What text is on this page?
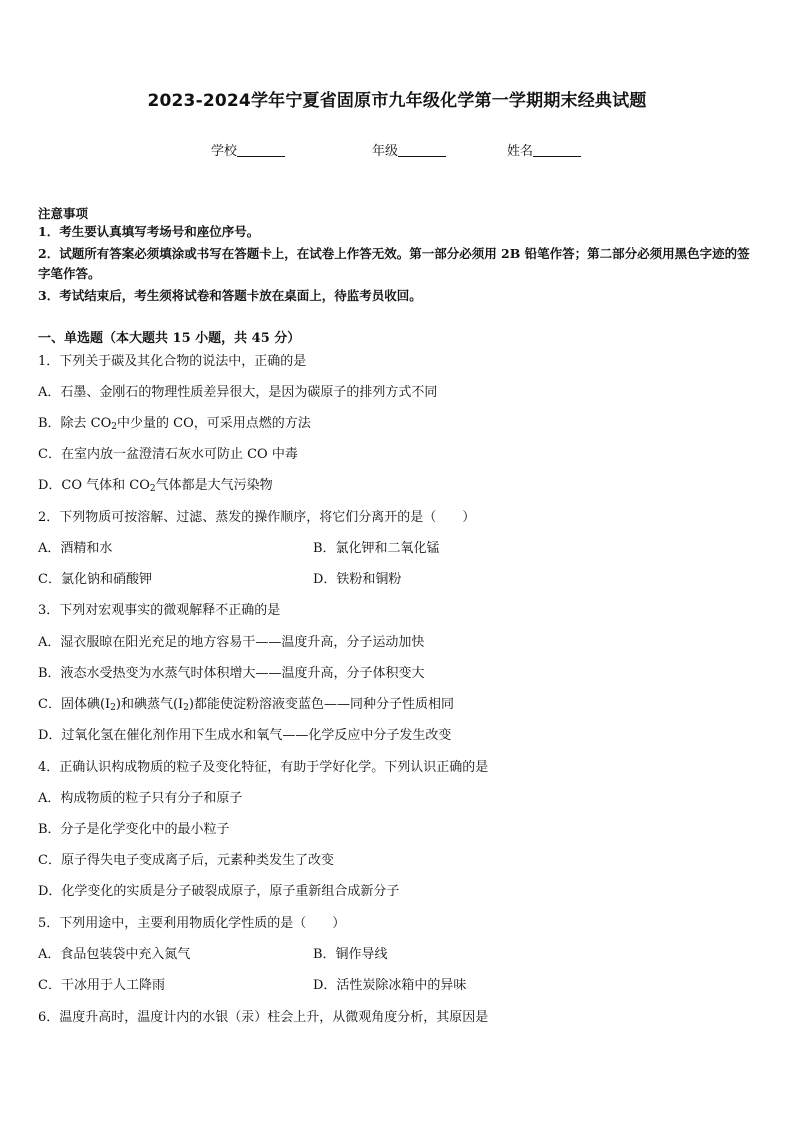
2023-2024学年宁夏省固原市九年级化学第一学期期末经典试题
学校	年级	姓名
注意事项
1．考生要认真填写考场号和座位序号。
2．试题所有答案必须填涂或书写在答题卡上，在试卷上作答无效。第一部分必须用 2B 铅笔作答；第二部分必须用黑色字迹的签字笔作答。
3．考试结束后，考生须将试卷和答题卡放在桌面上，待监考员收回。
一、单选题（本大题共 15 小题，共 45 分）
1．下列关于碳及其化合物的说法中，正确的是
A．石墨、金刚石的物理性质差异很大，是因为碳原子的排列方式不同
B．除去 $CO_2$中少量的 CO，可采用点燃的方法
C．在室内放一盆澄清石灰水可防止 CO 中毒
D．CO 气体和 $CO_2$气体都是大气污染物
2．下列物质可按溶解、过滤、蒸发的操作顺序，将它们分离开的是（　　）
A．酒精和水	B．氯化钾和二氧化锰
C．氯化钠和硝酸钾	D．铁粉和铜粉
3．下列对宏观事实的微观解释不正确的是
A．湿衣服晾在阳光充足的地方容易干——温度升高，分子运动加快
B．液态水受热变为水蒸气时体积增大——温度升高，分子体积变大
C．固体碘$(I_2)$和碘蒸气$(I_2)$都能使淀粉溶液变蓝色——同种分子性质相同
D．过氧化氢在催化剂作用下生成水和氧气——化学反应中分子发生改变
4．正确认识构成物质的粒子及变化特征，有助于学好化学。下列认识正确的是
A．构成物质的粒子只有分子和原子
B．分子是化学变化中的最小粒子
C．原子得失电子变成离子后，元素种类发生了改变
D．化学变化的实质是分子破裂成原子，原子重新组合成新分子
5．下列用途中，主要利用物质化学性质的是（　　）
A．食品包装袋中充入氮气	B．铜作导线
C．干冰用于人工降雨	D．活性炭除冰箱中的异味
6．温度升高时，温度计内的水银（汞）柱会上升，从微观角度分析，其原因是
